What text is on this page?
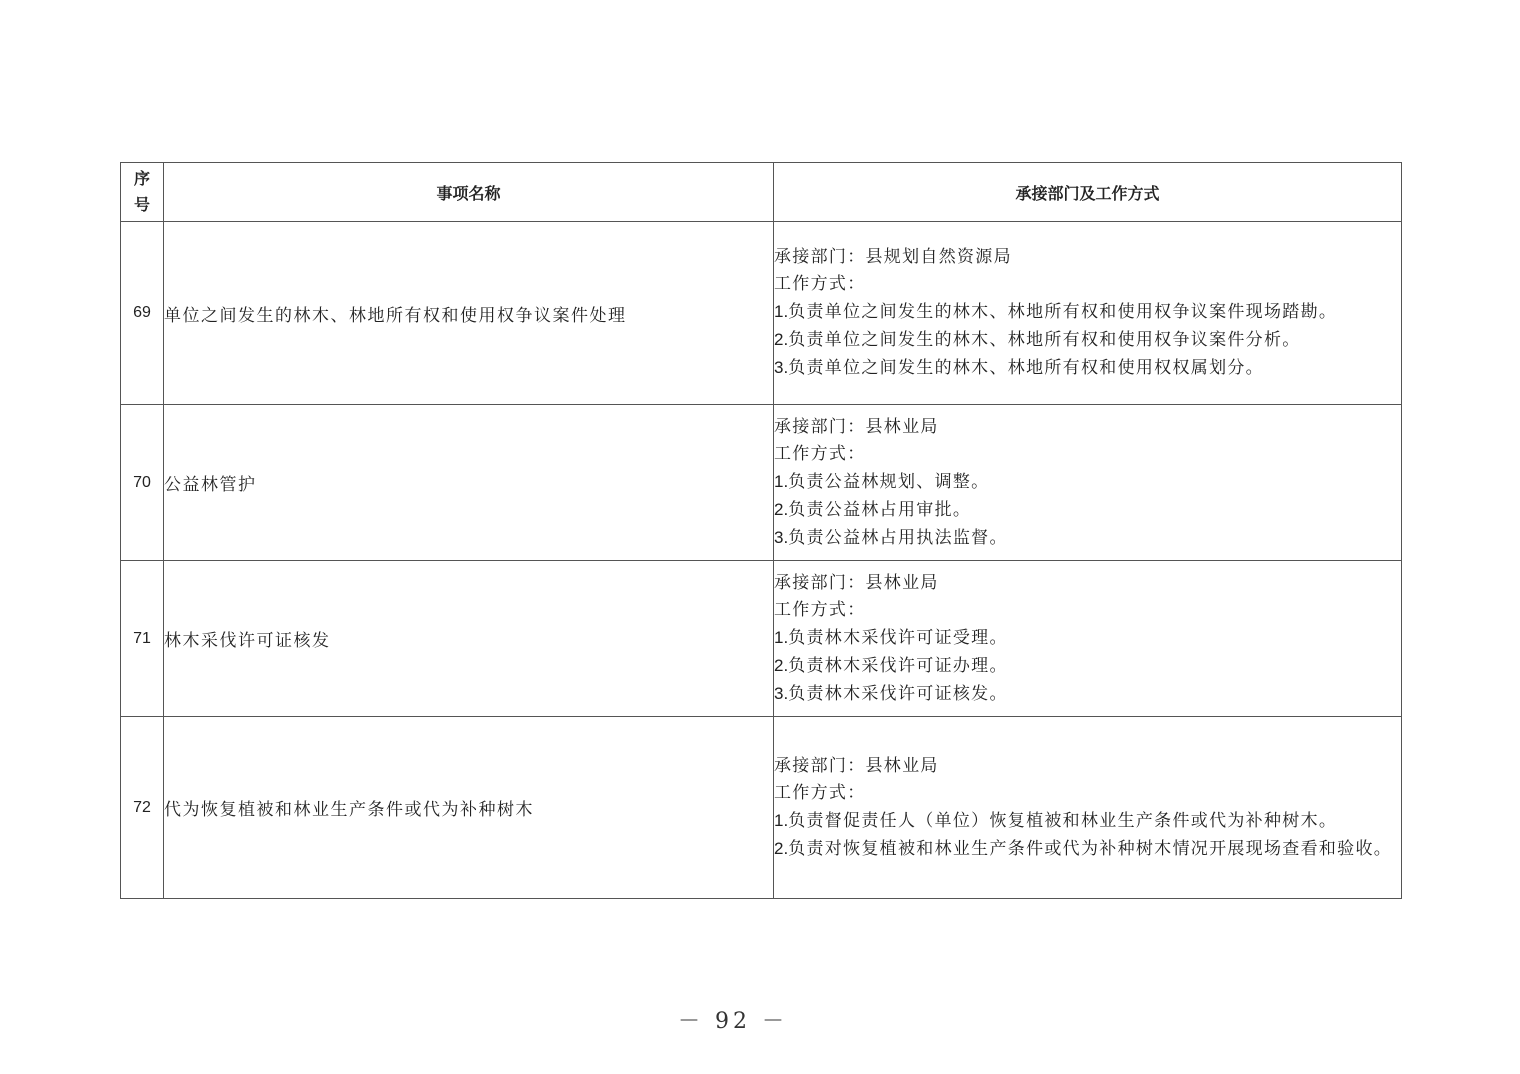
序
号	事项名称	承接部门及工作方式
69	单位之间发生的林木、林地所有权和使用权争议案件处理	承接部门：县规划自然资源局
工作方式：
1.负责单位之间发生的林木、林地所有权和使用权争议案件现场踏勘。
2.负责单位之间发生的林木、林地所有权和使用权争议案件分析。
3.负责单位之间发生的林木、林地所有权和使用权权属划分。

70	公益林管护	承接部门：县林业局
工作方式：
1.负责公益林规划、调整。
2.负责公益林占用审批。
3.负责公益林占用执法监督。

71	林木采伐许可证核发	承接部门：县林业局
工作方式：
1.负责林木采伐许可证受理。
2.负责林木采伐许可证办理。
3.负责林木采伐许可证核发。

72	代为恢复植被和林业生产条件或代为补种树木	承接部门：县林业局
工作方式：
1.负责督促责任人（单位）恢复植被和林业生产条件或代为补种树木。
2.负责对恢复植被和林业生产条件或代为补种树木情况开展现场查看和验收。
－ 92 －
